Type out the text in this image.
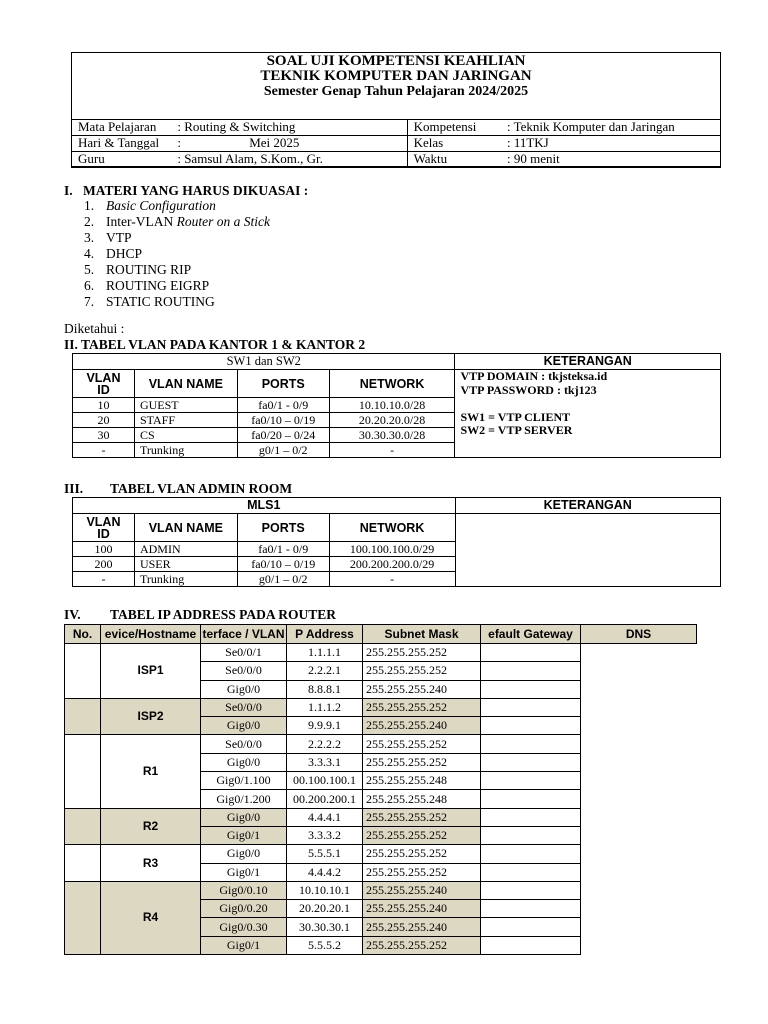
SOAL UJI KOMPETENSI KEAHLIAN
TEKNIK KOMPUTER DAN JARINGAN
Semester Genap Tahun Pelajaran 2024/2025
Mata Pelajaran	: Routing & Switching	Kompetensi	: Teknik Komputer dan Jaringan
Hari & Tanggal	:                     Mei 2025	Kelas	: 11TKJ
Guru	: Samsul Alam, S.Kom., Gr.	Waktu	: 90 menit
I. MATERI YANG HARUS DIKUASAI :
1. Basic Configuration
2. Inter-VLAN Router on a Stick
3. VTP
4. DHCP
5. ROUTING RIP
6. ROUTING EIGRP
7. STATIC ROUTING
Diketahui :
II. TABEL VLAN PADA KANTOR 1 & KANTOR 2
SW1 dan SW2				KETERANGAN
VLAN ID	VLAN NAME	PORTS	NETWORK	VTP DOMAIN : tkjsteksa.id
VTP PASSWORD : tkj123
SW1 = VTP CLIENT
SW2 = VTP SERVER

10	GUEST	fa0/1 - 0/9	10.10.10.0/28	
20	STAFF	fa0/10 – 0/19	20.20.20.0/28	
30	CS	fa0/20 – 0/24	30.30.30.0/28	
-	Trunking	g0/1 – 0/2	-	
III. TABEL VLAN ADMIN ROOM
MLS1				KETERANGAN
VLAN ID	VLAN NAME	PORTS	NETWORK	
100	ADMIN	fa0/1 - 0/9	100.100.100.0/29	
200	USER	fa0/10 – 0/19	200.200.200.0/29	
-	Trunking	g0/1 – 0/2	-	
IV. TABEL IP ADDRESS PADA ROUTER
No.	evice/Hostname	terface / VLAN	P Address	Subnet Mask	efault Gateway	DNS
	ISP1	Se0/0/1	1.1.1.1	255.255.255.252		
		Se0/0/0	2.2.2.1	255.255.255.252		
		Gig0/0	8.8.8.1	255.255.255.240		
	ISP2	Se0/0/0	1.1.1.2	255.255.255.252		
		Gig0/0	9.9.9.1	255.255.255.240		
	R1	Se0/0/0	2.2.2.2	255.255.255.252		
		Gig0/0	3.3.3.1	255.255.255.252		
		Gig0/1.100	00.100.100.1	255.255.255.248		
		Gig0/1.200	00.200.200.1	255.255.255.248		
	R2	Gig0/0	4.4.4.1	255.255.255.252		
		Gig0/1	3.3.3.2	255.255.255.252		
	R3	Gig0/0	5.5.5.1	255.255.255.252		
		Gig0/1	4.4.4.2	255.255.255.252		
	R4	Gig0/0.10	10.10.10.1	255.255.255.240		
		Gig0/0.20	20.20.20.1	255.255.255.240		
		Gig0/0.30	30.30.30.1	255.255.255.240		
		Gig0/1	5.5.5.2	255.255.255.252		
